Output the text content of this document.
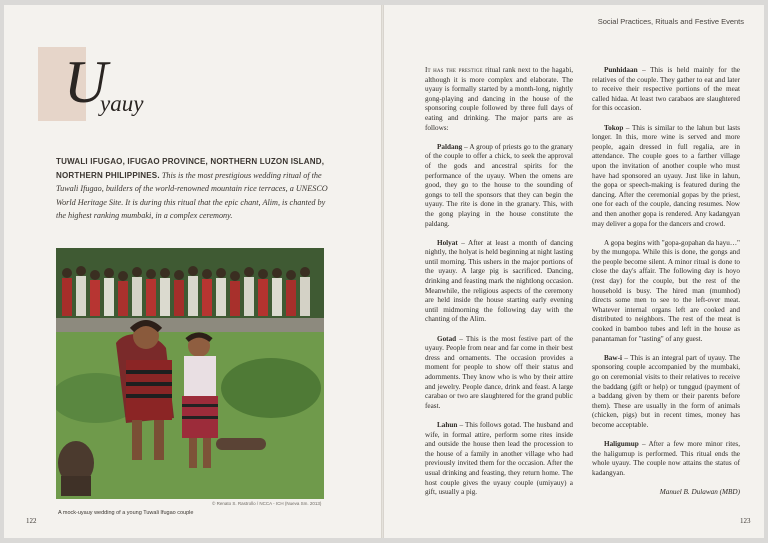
Social Practices, Rituals and Festive Events
U
yauy
TUWALI IFUGAO, IFUGAO PROVINCE, NORTHERN LUZON ISLAND, NORTHERN PHILIPPINES. This is the most prestigious wedding ritual of the Tuwali Ifugao, builders of the world-renowned mountain rice terraces, a UNESCO World Heritage Site. It is during this ritual that the epic chant, Alim, is chanted by the highest ranking mumbaki, in a complex ceremony.
© Renato S. Rastrollo / NCCA - ICH (Nueva Sm. 2013)
A mock-uyauy wedding of a young Tuwali Ifugao couple
122	123

It has the prestige ritual rank next to the hagabi, although it is more complex and elaborate. The uyauy is formally started by a month-long, nightly gong-playing and dancing in the house of the sponsoring couple followed by three full days of eating and drinking. The major parts are as follows:

Paldang – A group of priests go to the granary of the couple to offer a chick, to seek the approval of the gods and ancestral spirits for the performance of the uyauy. When the omens are good, they go to the house to the sounding of gongs to tell the sponsors that they can begin the uyauy. The rite is done in the granary. This, with the gong playing in the house constitute the paldang.

Holyat – After at least a month of dancing nightly, the holyat is held beginning at night lasting until morning. This ushers in the major portions of the uyauy. A large pig is sacrificed. Dancing, drinking and feasting mark the nightlong occasion. Meanwhile, the religious aspects of the ceremony are held inside the house starting early evening until midmorning the following day with the chanting of the Alim.

Gotad – This is the most festive part of the uyauy. People from near and far come in their best dress and ornaments. The occasion provides a moment for people to show off their status and adornments. They know who is who by their attire and jewelry. People dance, drink and feast. A large carabao or two are slaughtered for the grand public feast.

Lahun – This follows gotad. The husband and wife, in formal attire, perform some rites inside and outside the house then lead the procession to the house of a family in another village who had previously invited them for the occasion. After the usual drinking and feasting, they return home. The host couple gives the uyauy couple (umiyauy) a gift, usually a pig.

Punhidaan – This is held mainly for the relatives of the couple. They gather to eat and later to receive their respective portions of the meat called hidaa. At least two carabaos are slaughtered for this occasion.

Tokop – This is similar to the lahun but lasts longer. In this, more wine is served and more people, again dressed in full regalia, are in attendance. The couple goes to a farther village upon the invitation of another couple who must have had sponsored an uyauy. Just like in lahun, the gopa or speech-making is featured during the dancing. After the ceremonial gopas by the priest, one for each of the couple, dancing resumes. Now and then another gopa is rendered. Any kadangyan may deliver a gopa for the dancers and crowd.

A gopa begins with "gopa-gopahan da hayu…" by the mungopa. While this is done, the gongs and the people become silent. A minor ritual is done to close the day's affair. The following day is hoyo (rest day) for the couple, but the rest of the household is busy. The hired man (mumhod) directs some men to see to the left-over meat. Whatever internal organs left are cooked and distributed to neighbors. The rest of the meat is cooked in bamboo tubes and left in the house as panantaman for "tasting" of any guest.

Baw-i – This is an integral part of uyauy. The sponsoring couple accompanied by the mumbaki, go on ceremonial visits to their relatives to receive the baddang (gift or help) or tunggud (payment of a baddang given by them or their parents before them). These are usually in the form of animals (chicken, pigs) but in recent times, money has become acceptable.

Haligumup – After a few more minor rites, the haligumup is performed. This ritual ends the whole uyauy. The couple now attains the status of kadangyan.

Manuel B. Dulawan (MBD)
